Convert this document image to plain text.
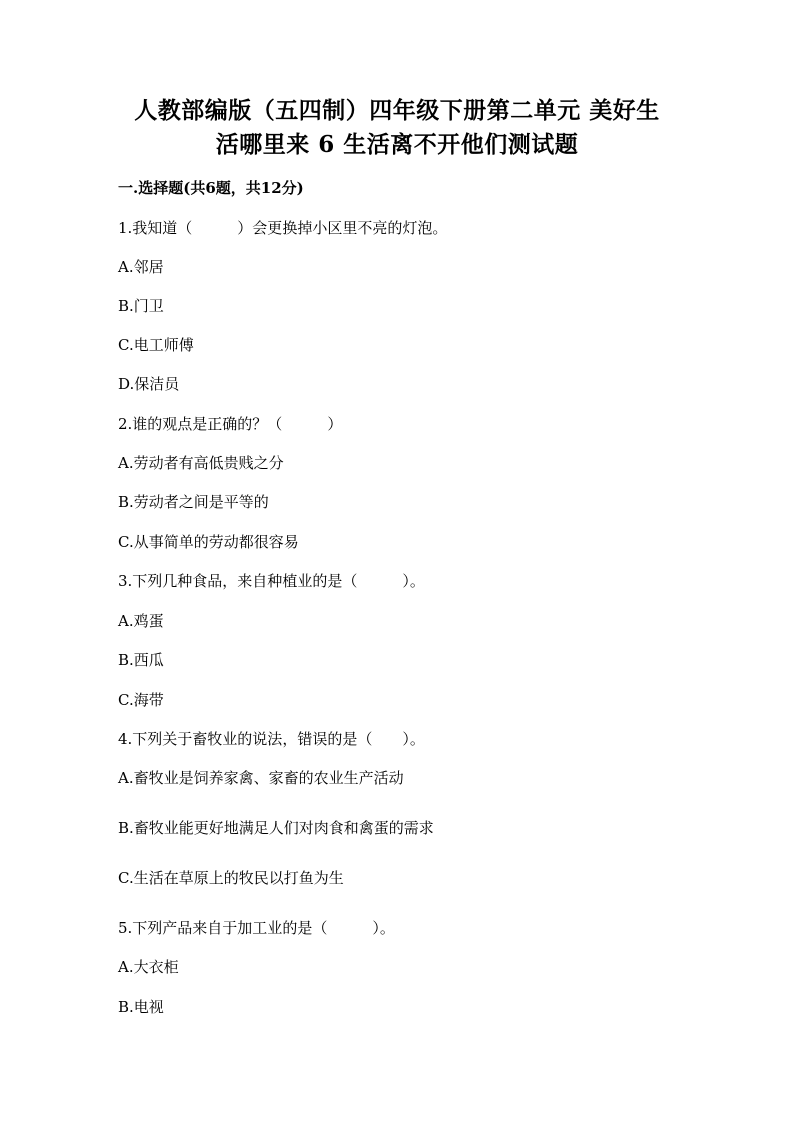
人教部编版（五四制）四年级下册第二单元 美好生
活哪里来 6 生活离不开他们测试题
一.选择题(共6题，共12分)
1.我知道（　　　）会更换掉小区里不亮的灯泡。
A.邻居
B.门卫
C.电工师傅
D.保洁员
2.谁的观点是正确的？（　　　）
A.劳动者有高低贵贱之分
B.劳动者之间是平等的
C.从事简单的劳动都很容易
3.下列几种食品，来自种植业的是（　　　）。
A.鸡蛋
B.西瓜
C.海带
4.下列关于畜牧业的说法，错误的是（　　）。
A.畜牧业是饲养家禽、家畜的农业生产活动
B.畜牧业能更好地满足人们对肉食和禽蛋的需求
C.生活在草原上的牧民以打鱼为生
5.下列产品来自于加工业的是（　　　）。
A.大衣柜
B.电视
